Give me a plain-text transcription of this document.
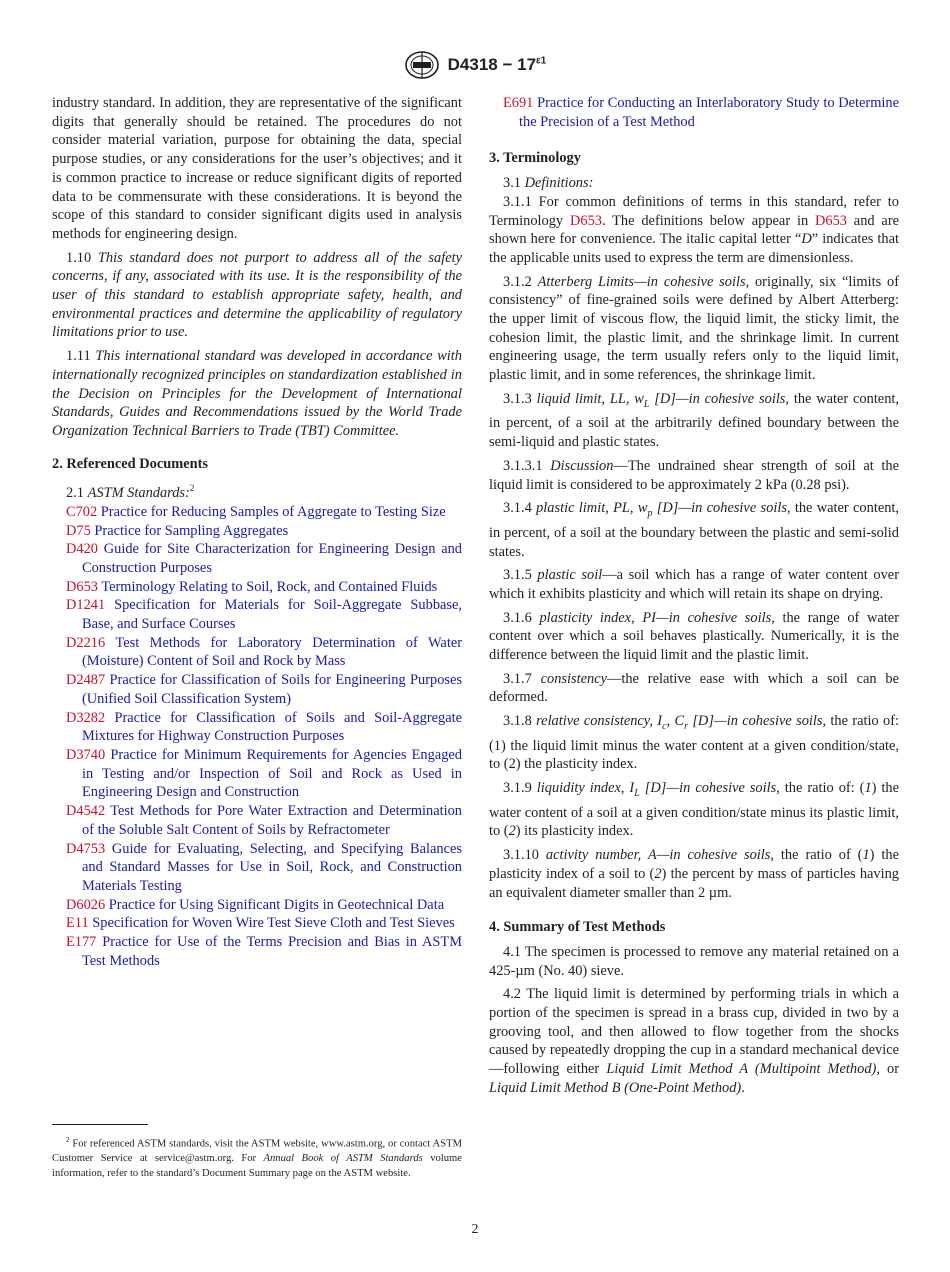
$D4318 - 17^{\varepsilon 1}$

industry standard. In addition, they are representative of the significant digits that generally should be retained. The procedures do not consider material variation, purpose for obtaining the data, special purpose studies, or any considerations for the user’s objectives; and it is common practice to increase or reduce significant digits of reported data to be commensurate with these considerations. It is beyond the scope of this standard to consider significant digits used in analysis methods for engineering design.

1.10 This standard does not purport to address all of the safety concerns, if any, associated with its use. It is the responsibility of the user of this standard to establish appropriate safety, health, and environmental practices and determine the applicability of regulatory limitations prior to use.

1.11 This international standard was developed in accordance with internationally recognized principles on standardization established in the Decision on Principles for the Development of International Standards, Guides and Recommendations issued by the World Trade Organization Technical Barriers to Trade (TBT) Committee.

2. Referenced Documents

2.1 ASTM Standards:$^2$

C702 Practice for Reducing Samples of Aggregate to Testing Size

D75 Practice for Sampling Aggregates

D420 Guide for Site Characterization for Engineering Design and Construction Purposes

D653 Terminology Relating to Soil, Rock, and Contained Fluids

D1241 Specification for Materials for Soil-Aggregate Subbase, Base, and Surface Courses

D2216 Test Methods for Laboratory Determination of Water (Moisture) Content of Soil and Rock by Mass

D2487 Practice for Classification of Soils for Engineering Purposes (Unified Soil Classification System)

D3282 Practice for Classification of Soils and Soil-Aggregate Mixtures for Highway Construction Purposes

D3740 Practice for Minimum Requirements for Agencies Engaged in Testing and/or Inspection of Soil and Rock as Used in Engineering Design and Construction

D4542 Test Methods for Pore Water Extraction and Determination of the Soluble Salt Content of Soils by Refractometer

D4753 Guide for Evaluating, Selecting, and Specifying Balances and Standard Masses for Use in Soil, Rock, and Construction Materials Testing

D6026 Practice for Using Significant Digits in Geotechnical Data

E11 Specification for Woven Wire Test Sieve Cloth and Test Sieves

E177 Practice for Use of the Terms Precision and Bias in ASTM Test Methods

$^2$ For referenced ASTM standards, visit the ASTM website, www.astm.org, or contact ASTM Customer Service at service@astm.org. For Annual Book of ASTM Standards volume information, refer to the standard’s Document Summary page on the ASTM website.

E691 Practice for Conducting an Interlaboratory Study to Determine the Precision of a Test Method

3. Terminology

3.1 Definitions:

3.1.1 For common definitions of terms in this standard, refer to Terminology D653. The definitions below appear in D653 and are shown here for convenience. The italic capital letter “D” indicates that the applicable units used to express the term are dimensionless.

3.1.2 Atterberg Limits—in cohesive soils, originally, six “limits of consistency” of fine-grained soils were defined by Albert Atterberg: the upper limit of viscous flow, the liquid limit, the sticky limit, the cohesion limit, the plastic limit, and the shrinkage limit. In current engineering usage, the term usually refers only to the liquid limit, plastic limit, and in some references, the shrinkage limit.

3.1.3 liquid limit, LL, $w_L$ [D]—in cohesive soils, the water content, in percent, of a soil at the arbitrarily defined boundary between the semi-liquid and plastic states.

3.1.3.1 Discussion—The undrained shear strength of soil at the liquid limit is considered to be approximately 2 kPa (0.28 psi).

3.1.4 plastic limit, PL, $w_p$ [D]—in cohesive soils, the water content, in percent, of a soil at the boundary between the plastic and semi-solid states.

3.1.5 plastic soil—a soil which has a range of water content over which it exhibits plasticity and which will retain its shape on drying.

3.1.6 plasticity index, PI—in cohesive soils, the range of water content over which a soil behaves plastically. Numerically, it is the difference between the liquid limit and the plastic limit.

3.1.7 consistency—the relative ease with which a soil can be deformed.

3.1.8 relative consistency, $I_c$, $C_r$ [D]—in cohesive soils, the ratio of: (1) the liquid limit minus the water content at a given condition/state, to (2) the plasticity index.

3.1.9 liquidity index, $I_L$ [D]—in cohesive soils, the ratio of: (1) the water content of a soil at a given condition/state minus its plastic limit, to (2) its plasticity index.

3.1.10 activity number, A—in cohesive soils, the ratio of (1) the plasticity index of a soil to (2) the percent by mass of particles having an equivalent diameter smaller than 2 µm.

4. Summary of Test Methods

4.1 The specimen is processed to remove any material retained on a 425-µm (No. 40) sieve.

4.2 The liquid limit is determined by performing trials in which a portion of the specimen is spread in a brass cup, divided in two by a grooving tool, and then allowed to flow together from the shocks caused by repeatedly dropping the cup in a standard mechanical device—following either Liquid Limit Method A (Multipoint Method), or Liquid Limit Method B (One-Point Method).

2
